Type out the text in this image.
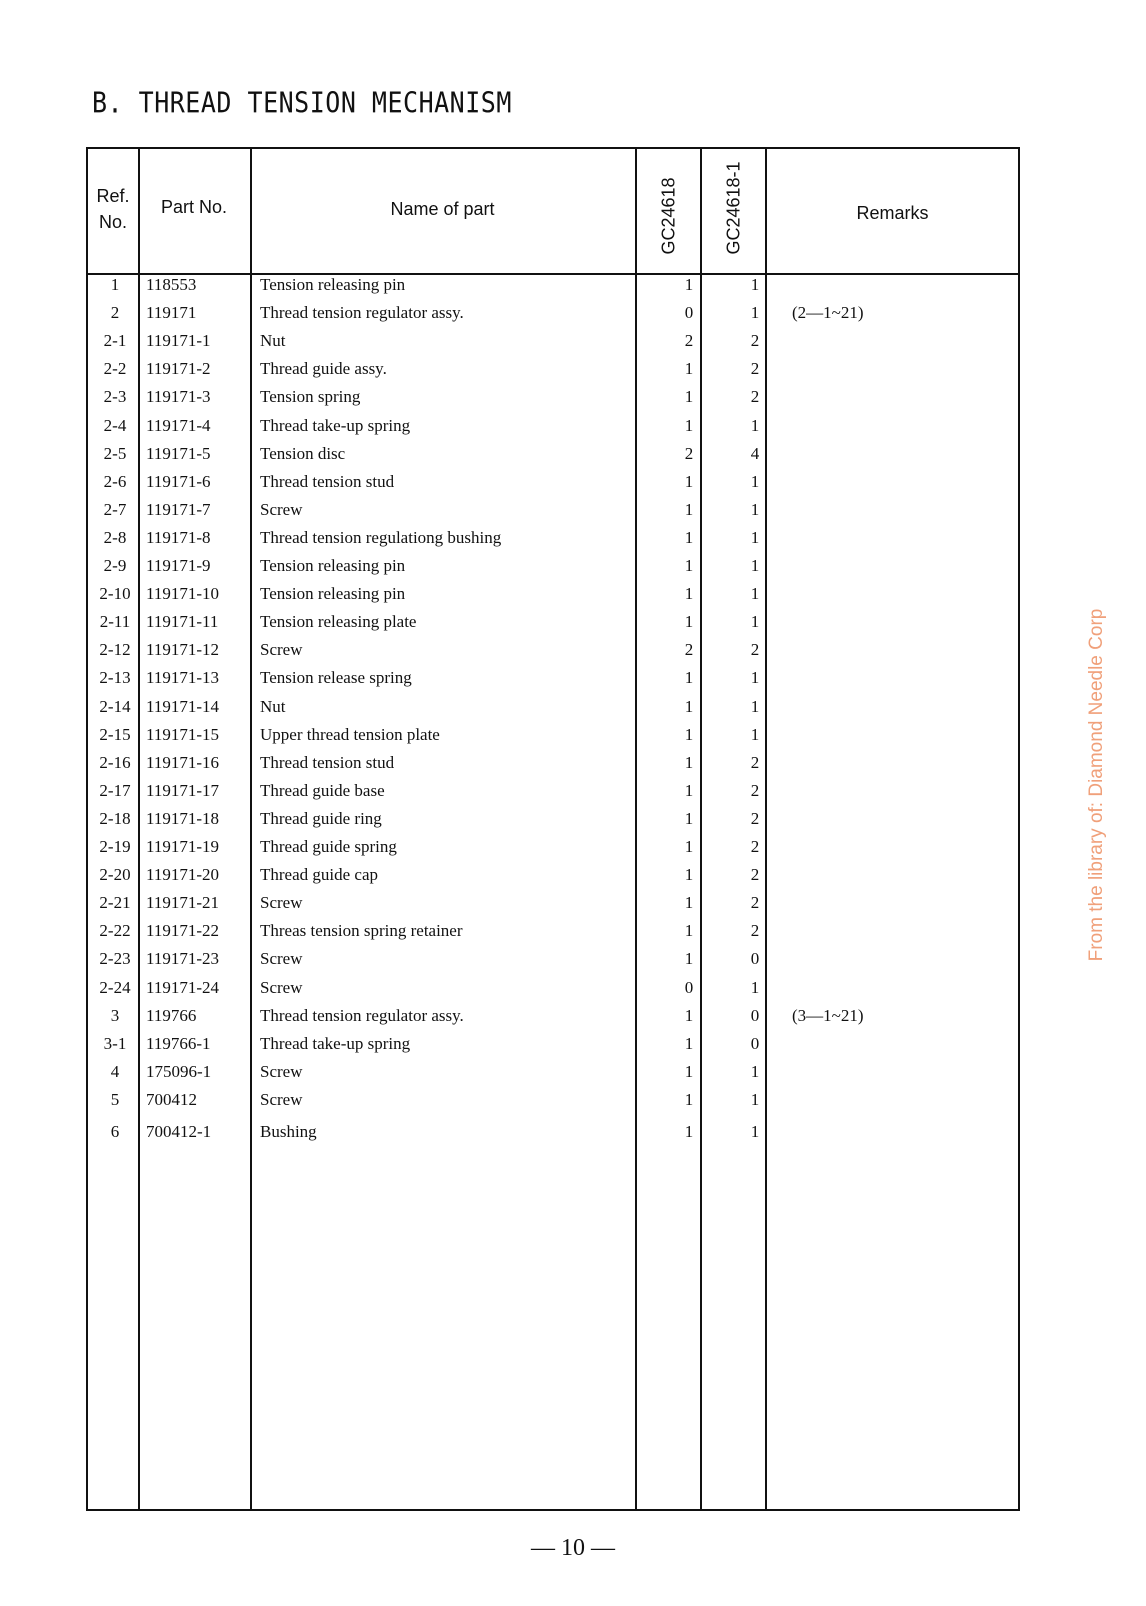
B. THREAD TENSION MECHANISM
Ref. No.
Part No.	Name of part	GC24618	GC24618-1	Remarks
1	118553	Tension releasing pin	1	1
2	119171	Thread tension regulator assy.	0	1	(2—1~21)
2-1	119171-1	Nut	2	2
2-2	119171-2	Thread guide assy.	1	2
2-3	119171-3	Tension spring	1	2
2-4	119171-4	Thread take-up spring	1	1
2-5	119171-5	Tension disc	2	4
2-6	119171-6	Thread tension stud	1	1
2-7	119171-7	Screw	1	1
2-8	119171-8	Thread tension regulationg bushing	1	1
2-9	119171-9	Tension releasing pin	1	1
2-10 119171-10 Tension releasing pin	1	1
2-11 119171-11 Tension releasing plate	1	1
2-12 119171-12 Screw	2	2
2-13 119171-13 Tension release spring	1	1
2-14 119171-14 Nut	1	1
2-15 119171-15 Upper thread tension plate	1	1
2-16 119171-16 Thread tension stud	1	2
2-17 119171-17 Thread guide base	1	2
2-18 119171-18 Thread guide ring	1	2
2-19 119171-19 Thread guide spring	1	2
2-20 119171-20 Thread guide cap	1	2
2-21 119171-21 Screw	1	2
2-22 119171-22 Threas tension spring retainer	1	2
2-23 119171-23 Screw	1	0
2-24 119171-24 Screw	0	1
3	119766	Thread tension regulator assy.	1	0	(3—1~21)
3-1	119766-1	Thread take-up spring	1	0
4	175096-1	Screw	1	1
5	700412	Screw	1	1
6	700412-1	Bushing	1	1
From the library of: Diamond Needle Corp
— 10 —
